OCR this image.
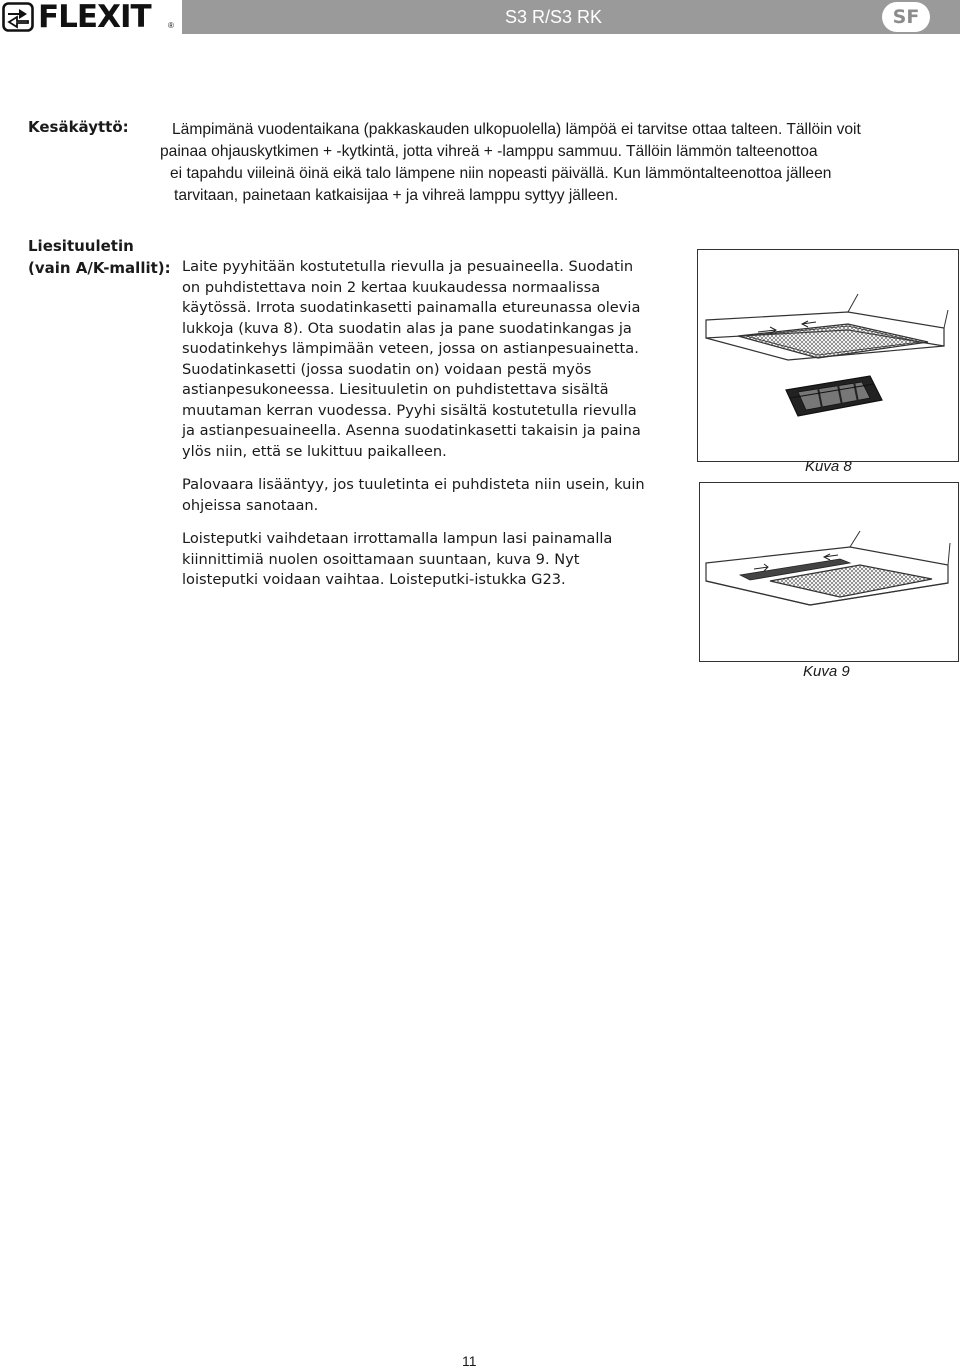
FLEXIT ®	S3 R/S3 RK	SF
Kesäkäyttö:	Lämpimänä vuodentaikana (pakkaskauden ulkopuolella) lämpöä ei tarvitse ottaa talteen. Tällöin voit
painaa ohjauskytkimen + -kytkintä, jotta vihreä + -lamppu sammuu. Tällöin lämmön talteenottoa
ei tapahdu viileinä öinä eikä talo lämpene niin nopeasti päivällä. Kun lämmöntalteenottoa jälleen
tarvitaan, painetaan katkaisijaa + ja vihreä lamppu syttyy jälleen.
Liesituuletin
(vain A/K-mallit): Laite pyyhitään kostutetulla rievulla ja pesuaineella. Suodatin
on puhdistettava noin 2 kertaa kuukaudessa normaalissa
käytössä. Irrota suodatinkasetti painamalla etureunassa olevia
lukkoja (kuva 8). Ota suodatin alas ja pane suodatinkangas ja
suodatinkehys lämpimään veteen, jossa on astianpesuainetta.
Suodatinkasetti (jossa suodatin on) voidaan pestä myös
astianpesukoneessa. Liesituuletin on puhdistettava sisältä
muutaman kerran vuodessa. Pyyhi sisältä kostutetulla rievulla
ja astianpesuaineella. Asenna suodatinkasetti takaisin ja paina
ylös niin, että se lukittuu paikalleen.

Palovaara lisääntyy, jos tuuletinta ei puhdisteta niin usein, kuin
ohjeissa sanotaan.

Loisteputki vaihdetaan irrottamalla lampun lasi painamalla
kiinnittimiä nuolen osoittamaan suuntaan, kuva 9. Nyt
loisteputki voidaan vaihtaa. Loisteputki-istukka G23.

Kuva 8
Kuva 9
11
